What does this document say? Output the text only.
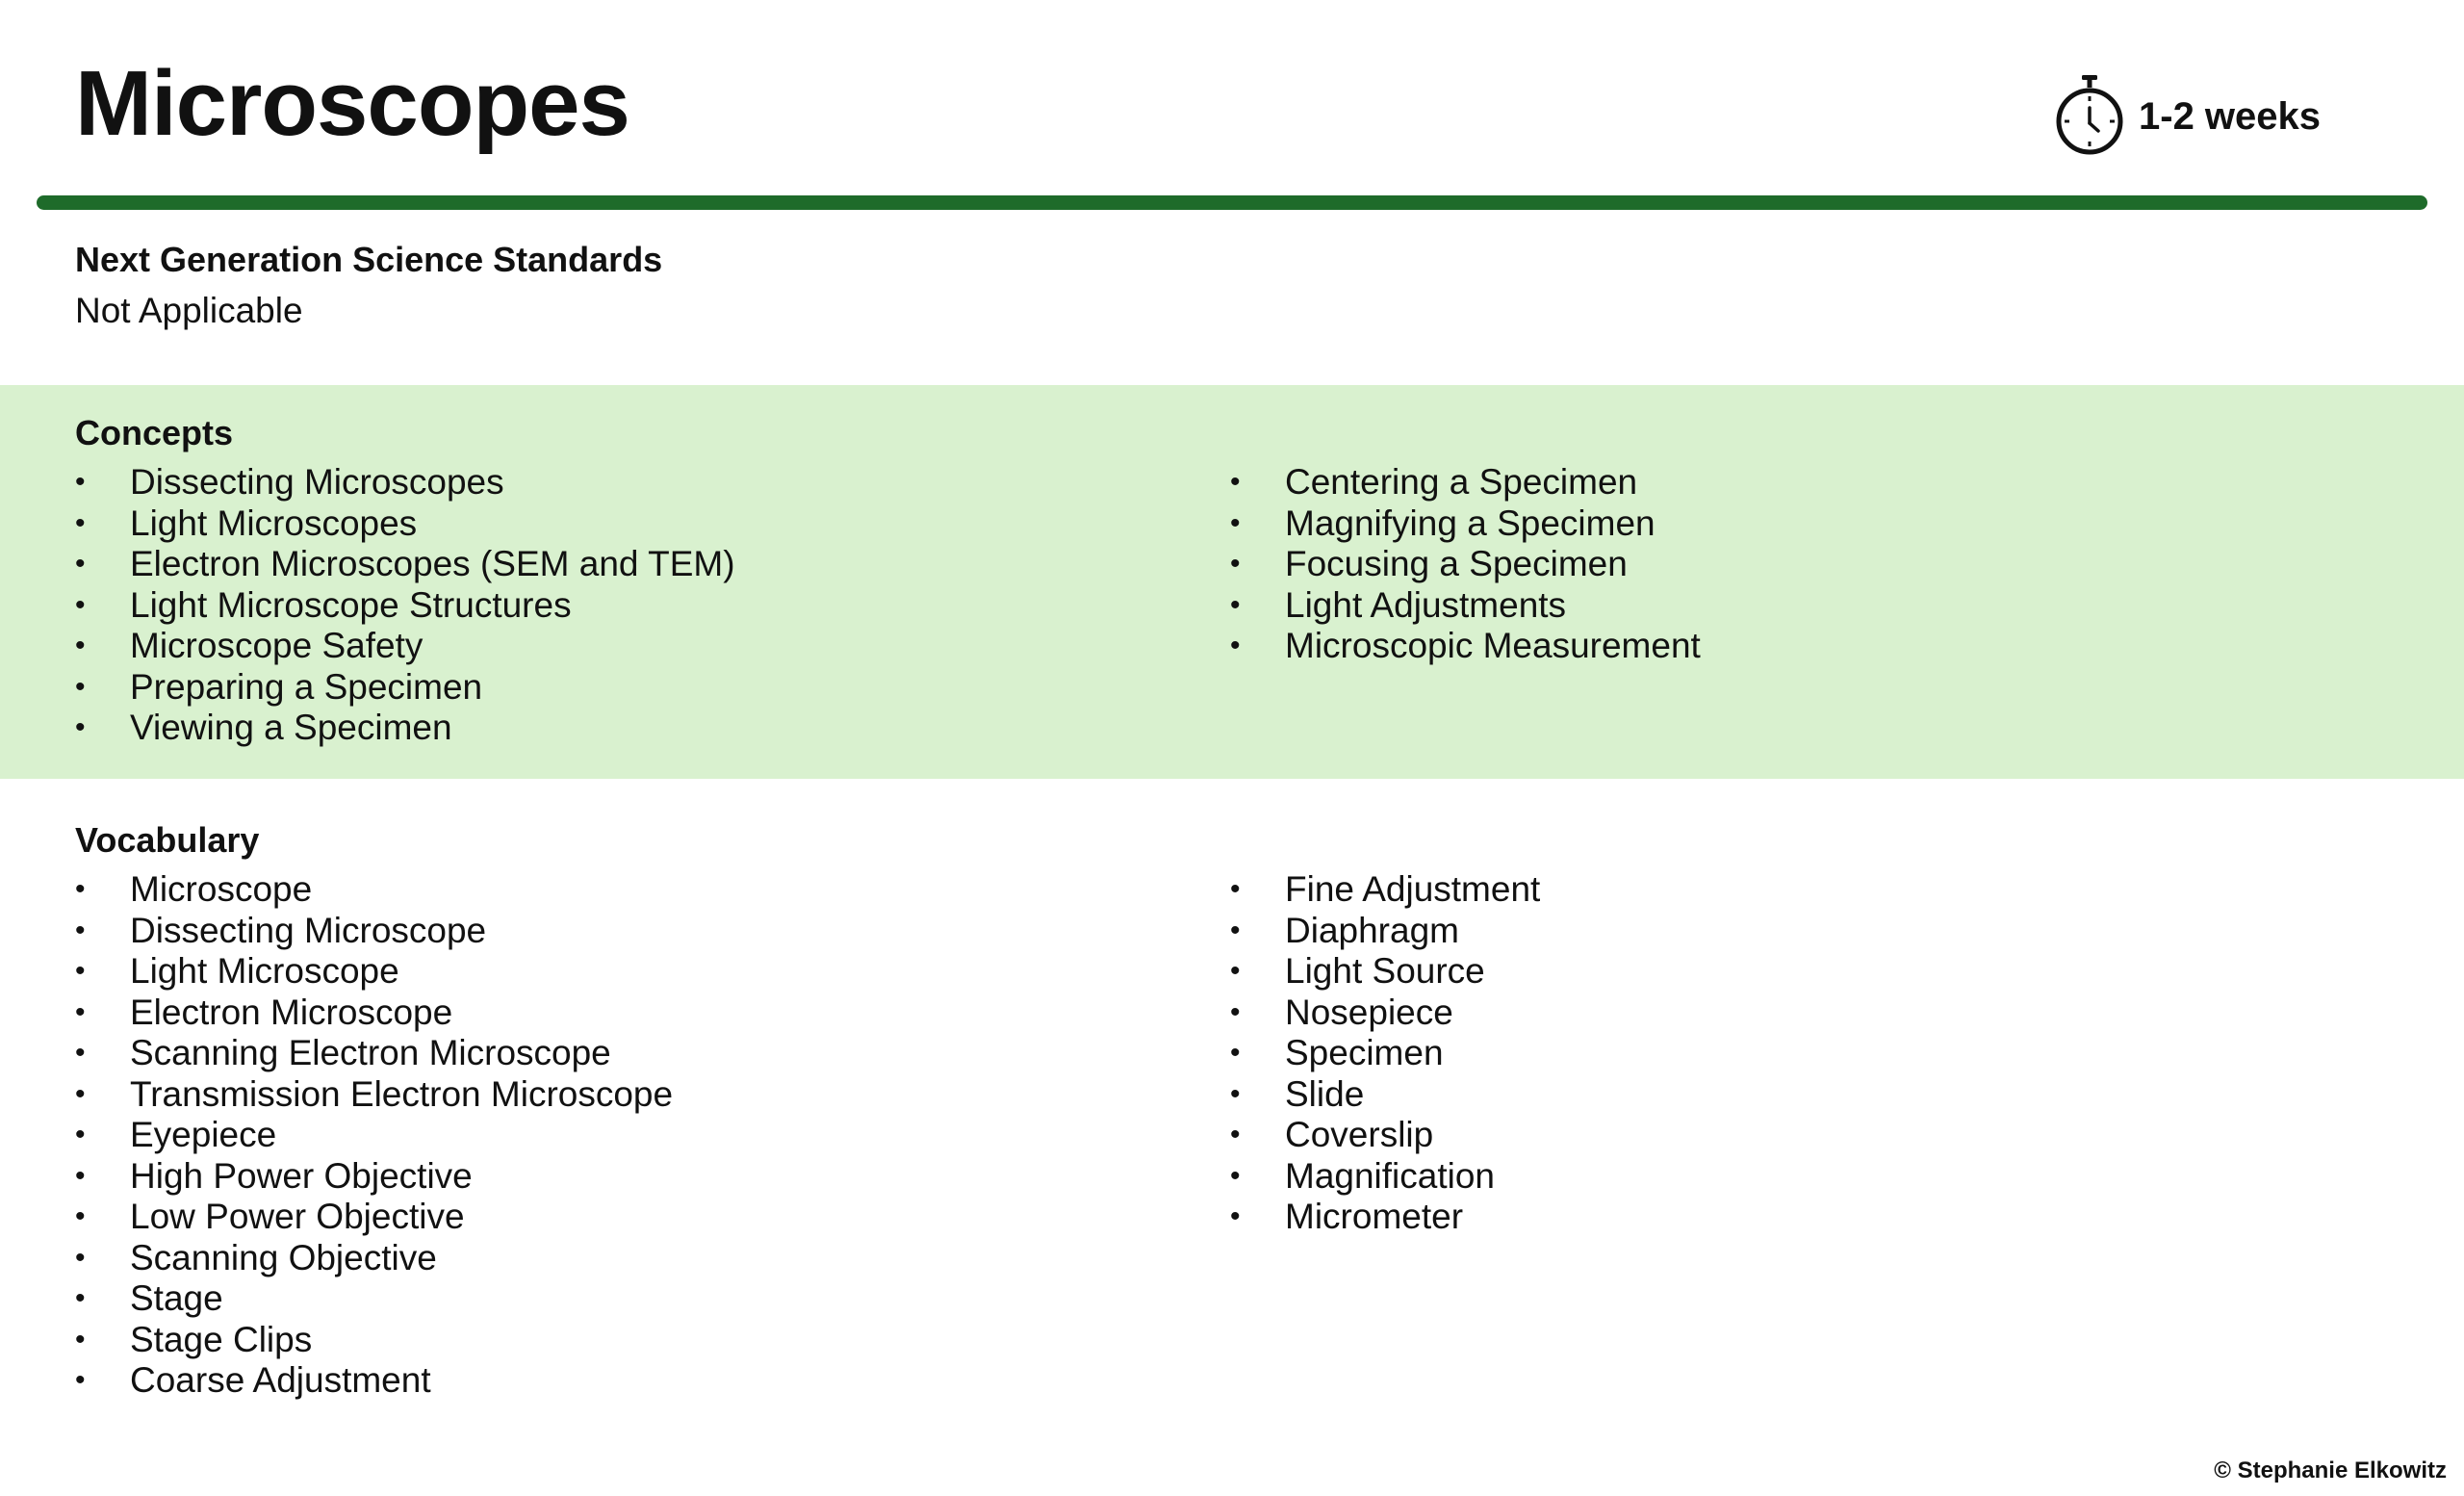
Microscopes	1-2 weeks
Next Generation Science Standards
Not Applicable
Concepts
• Dissecting Microscopes
• Light Microscopes
• Electron Microscopes (SEM and TEM)
• Light Microscope Structures
• Microscope Safety
• Preparing a Specimen
• Viewing a Specimen
• Centering a Specimen
• Magnifying a Specimen
• Focusing a Specimen
• Light Adjustments
• Microscopic Measurement
Vocabulary
• Microscope
• Dissecting Microscope
• Light Microscope
• Electron Microscope
• Scanning Electron Microscope
• Transmission Electron Microscope
• Eyepiece
• High Power Objective
• Low Power Objective
• Scanning Objective
• Stage
• Stage Clips
• Coarse Adjustment
• Fine Adjustment
• Diaphragm
• Light Source
• Nosepiece
• Specimen
• Slide
• Coverslip
• Magnification
• Micrometer
© Stephanie Elkowitz
